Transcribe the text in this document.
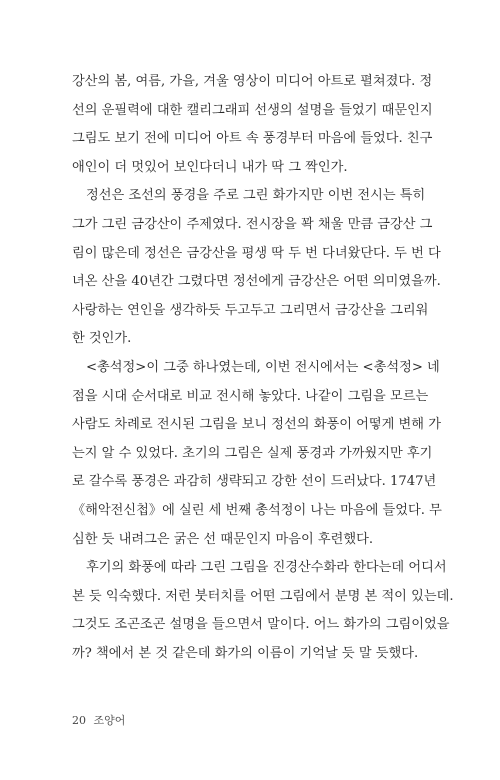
강산의 봄, 여름, 가을, 겨울 영상이 미디어 아트로 펼쳐졌다. 정
선의 운필력에 대한 캘리그래피 선생의 설명을 들었기 때문인지
그림도 보기 전에 미디어 아트 속 풍경부터 마음에 들었다. 친구
애인이 더 멋있어 보인다더니 내가 딱 그 짝인가.
정선은 조선의 풍경을 주로 그린 화가지만 이번 전시는 특히
그가 그린 금강산이 주제였다. 전시장을 꽉 채울 만큼 금강산 그
림이 많은데 정선은 금강산을 평생 딱 두 번 다녀왔단다. 두 번 다
녀온 산을 40년간 그렸다면 정선에게 금강산은 어떤 의미였을까.
사랑하는 연인을 생각하듯 두고두고 그리면서 금강산을 그리워
한 것인가.
<총석정>이 그중 하나였는데, 이번 전시에서는 <총석정> 네
점을 시대 순서대로 비교 전시해 놓았다. 나같이 그림을 모르는
사람도 차례로 전시된 그림을 보니 정선의 화풍이 어떻게 변해 가
는지 알 수 있었다. 초기의 그림은 실제 풍경과 가까웠지만 후기
로 갈수록 풍경은 과감히 생략되고 강한 선이 드러났다. 1747년
《해악전신첩》에 실린 세 번째 총석정이 나는 마음에 들었다. 무
심한 듯 내려그은 굵은 선 때문인지 마음이 후련했다.
후기의 화풍에 따라 그린 그림을 진경산수화라 한다는데 어디서
본 듯 익숙했다. 저런 붓터치를 어떤 그림에서 분명 본 적이 있는데.
그것도 조곤조곤 설명을 들으면서 말이다. 어느 화가의 그림이었을
까? 책에서 본 것 같은데 화가의 이름이 기억날 듯 말 듯했다.
20 조양어
